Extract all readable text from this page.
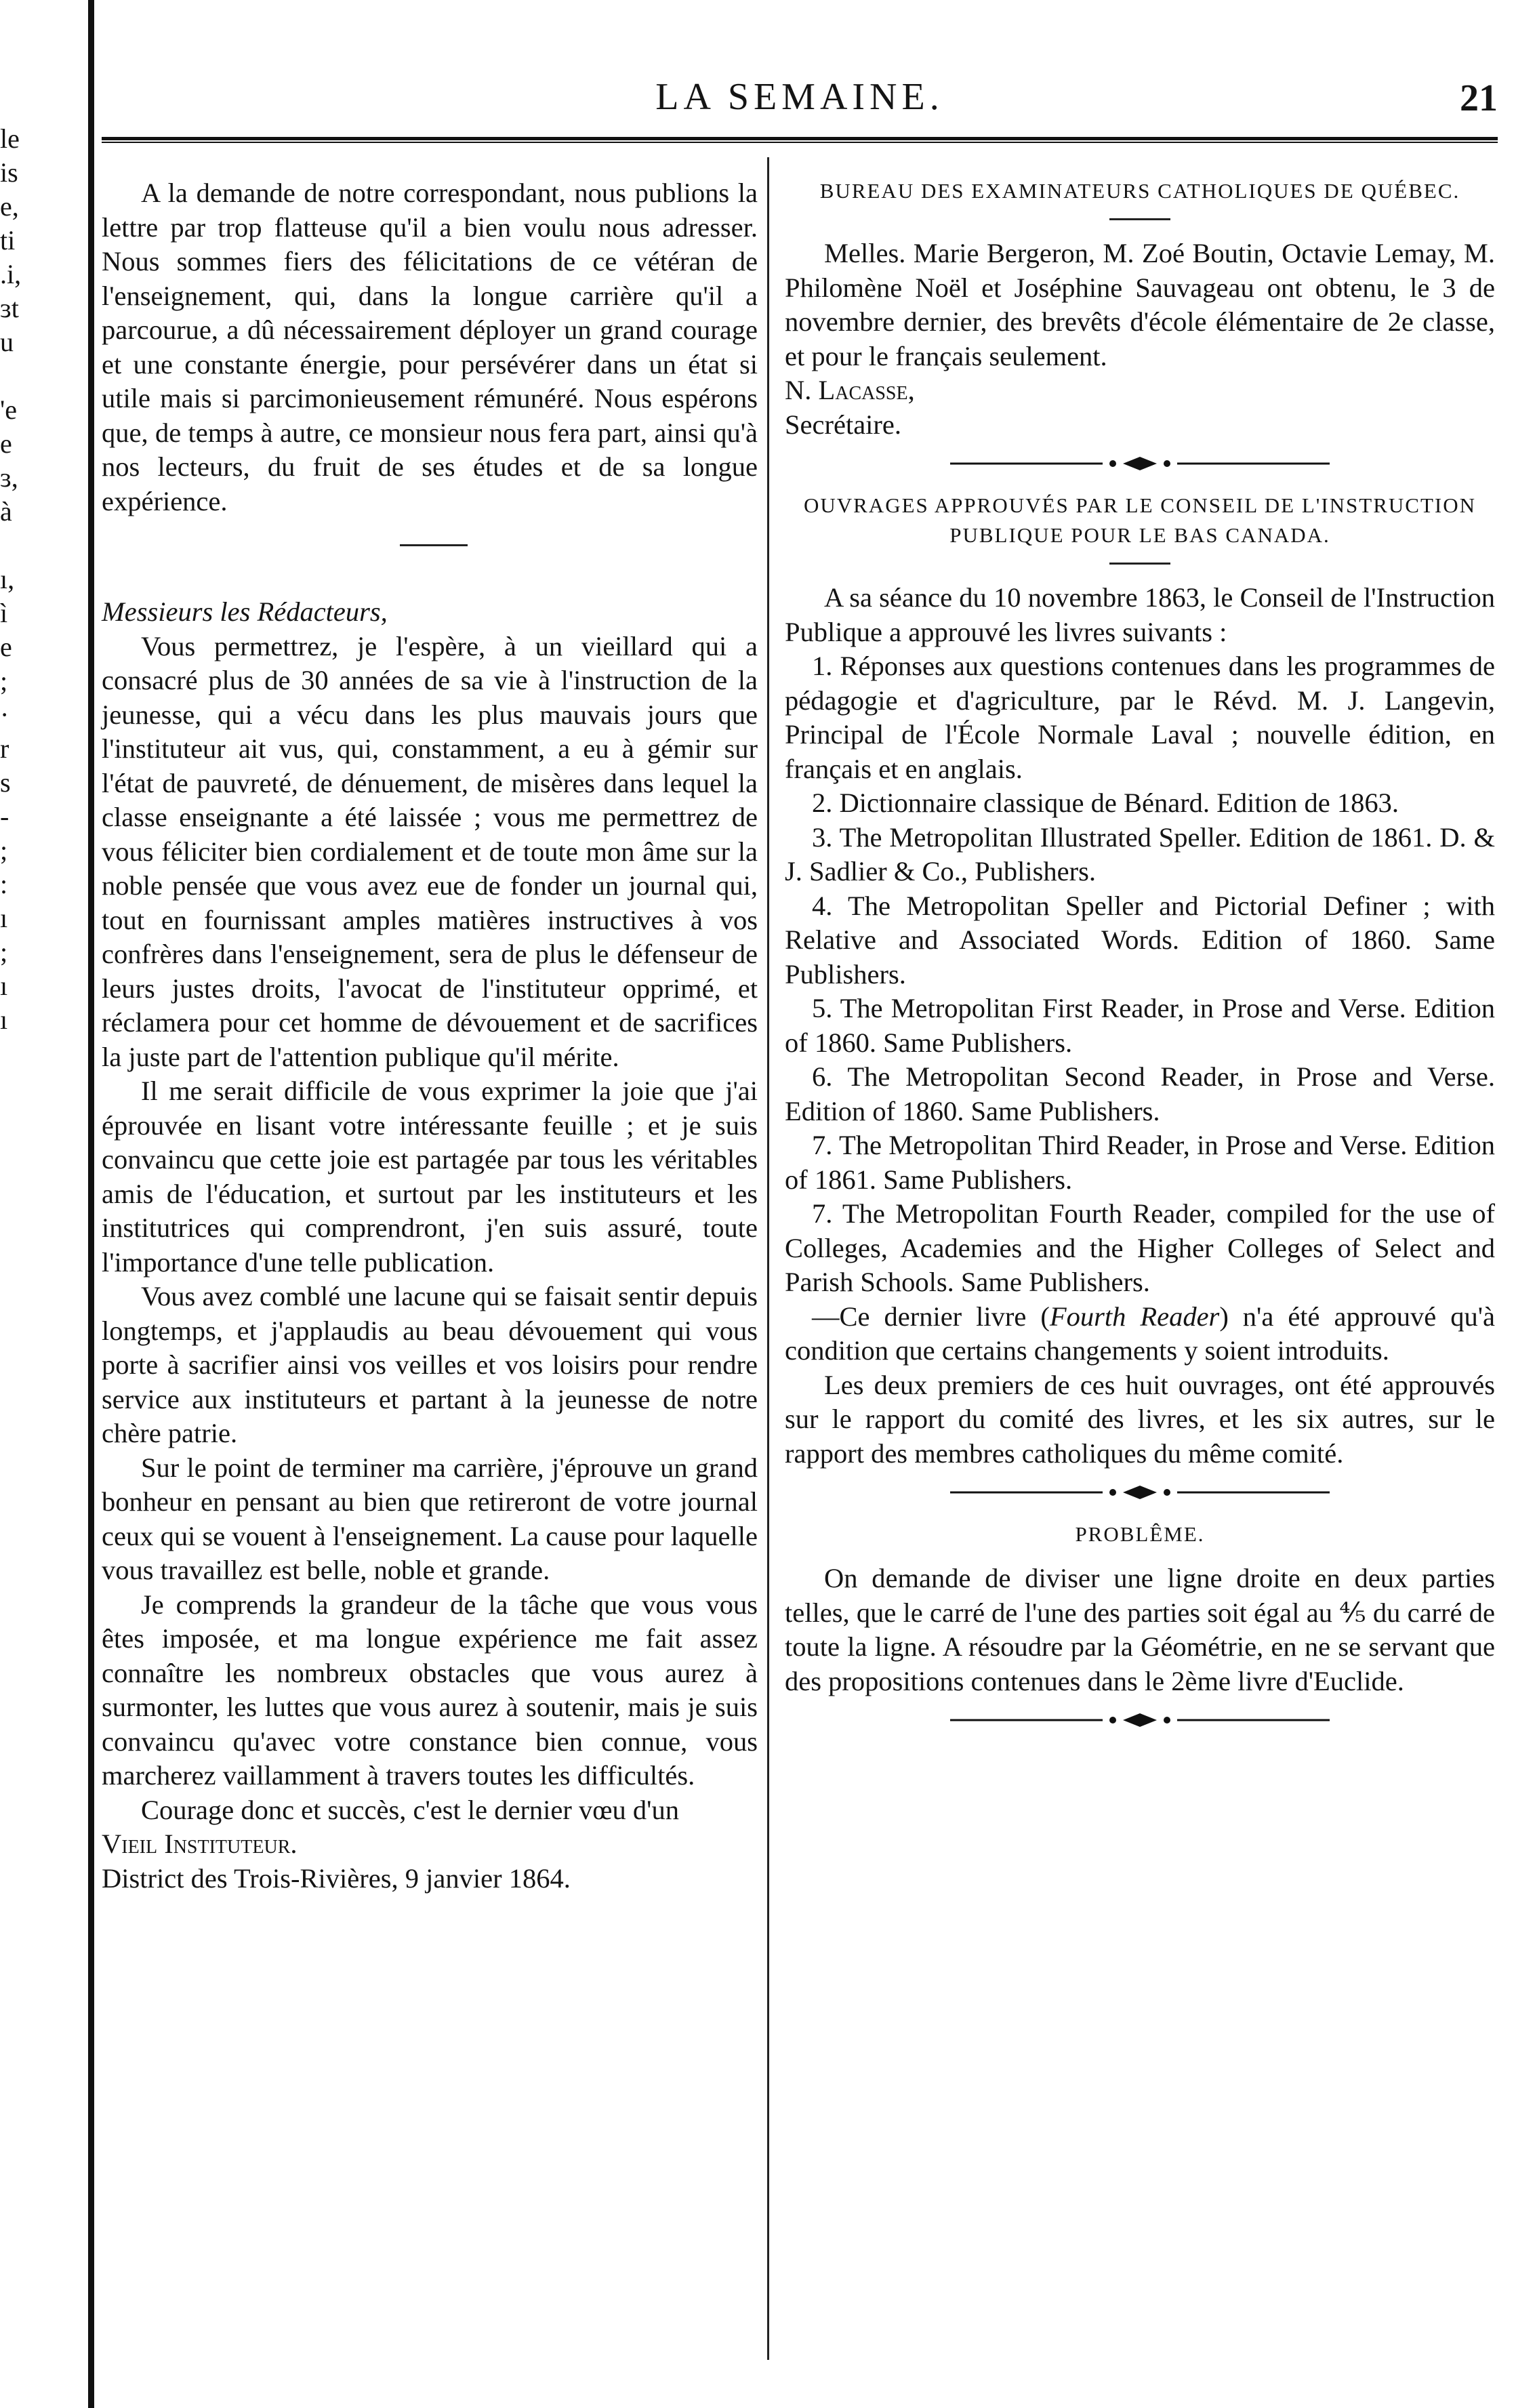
le
is
e,
ti
.i,
ɜt
u
'e
e
ɜ,
à
ı,
ì
e
;
·
r
s
-
;
:
ı
;
ı
ı
LA SEMAINE.	21

A la demande de notre correspondant, nous publions la lettre par trop flatteuse qu'il a bien voulu nous adresser. Nous sommes fiers des félicitations de ce vétéran de l'enseignement, qui, dans la longue carrière qu'il a parcourue, a dû nécessairement déployer un grand courage et une constante énergie, pour persévérer dans un état si utile mais si parcimonieusement rémunéré. Nous espérons que, de temps à autre, ce monsieur nous fera part, ainsi qu'à nos lecteurs, du fruit de ses études et de sa longue expérience.

Messieurs les Rédacteurs,

Vous permettrez, je l'espère, à un vieillard qui a consacré plus de 30 années de sa vie à l'instruction de la jeunesse, qui a vécu dans les plus mauvais jours que l'instituteur ait vus, qui, constamment, a eu à gémir sur l'état de pauvreté, de dénuement, de misères dans lequel la classe enseignante a été laissée ; vous me permettrez de vous féliciter bien cordialement et de toute mon âme sur la noble pensée que vous avez eue de fonder un journal qui, tout en fournissant amples matières instructives à vos confrères dans l'enseignement, sera de plus le défenseur de leurs justes droits, l'avocat de l'instituteur opprimé, et réclamera pour cet homme de dévouement et de sacrifices la juste part de l'attention publique qu'il mérite.

Il me serait difficile de vous exprimer la joie que j'ai éprouvée en lisant votre intéressante feuille ; et je suis convaincu que cette joie est partagée par tous les véritables amis de l'éducation, et surtout par les instituteurs et les institutrices qui comprendront, j'en suis assuré, toute l'importance d'une telle publication.

Vous avez comblé une lacune qui se faisait sentir depuis longtemps, et j'applaudis au beau dévouement qui vous porte à sacrifier ainsi vos veilles et vos loisirs pour rendre service aux instituteurs et partant à la jeunesse de notre chère patrie.

Sur le point de terminer ma carrière, j'éprouve un grand bonheur en pensant au bien que retireront de votre journal ceux qui se vouent à l'enseignement. La cause pour laquelle vous travaillez est belle, noble et grande.

Je comprends la grandeur de la tâche que vous vous êtes imposée, et ma longue expérience me fait assez connaître les nombreux obstacles que vous aurez à surmonter, les luttes que vous aurez à soutenir, mais je suis convaincu qu'avec votre constance bien connue, vous marcherez vaillamment à travers toutes les difficultés.

Courage donc et succès, c'est le dernier vœu d'un

Vieil Instituteur.

District des Trois-Rivières, 9 janvier 1864.

BUREAU DES EXAMINATEURS CATHOLIQUES DE QUÉBEC.

Melles. Marie Bergeron, M. Zoé Boutin, Octavie Lemay, M. Philomène Noël et Joséphine Sauvageau ont obtenu, le 3 de novembre dernier, des brevêts d'école élémentaire de 2e classe, et pour le français seulement.

N. Lacasse,

Secrétaire.

OUVRAGES APPROUVÉS PAR LE CONSEIL DE L'INSTRUCTION PUBLIQUE POUR LE BAS CANADA.

A sa séance du 10 novembre 1863, le Conseil de l'Instruction Publique a approuvé les livres suivants :

1. Réponses aux questions contenues dans les programmes de pédagogie et d'agriculture, par le Révd. M. J. Langevin, Principal de l'École Normale Laval ; nouvelle édition, en français et en anglais.

2. Dictionnaire classique de Bénard. Edition de 1863.

3. The Metropolitan Illustrated Speller. Edition de 1861. D. & J. Sadlier & Co., Publishers.

4. The Metropolitan Speller and Pictorial Definer ; with Relative and Associated Words. Edition of 1860. Same Publishers.

5. The Metropolitan First Reader, in Prose and Verse. Edition of 1860. Same Publishers.

6. The Metropolitan Second Reader, in Prose and Verse. Edition of 1860. Same Publishers.

7. The Metropolitan Third Reader, in Prose and Verse. Edition of 1861. Same Publishers.

7. The Metropolitan Fourth Reader, compiled for the use of Colleges, Academies and the Higher Colleges of Select and Parish Schools. Same Publishers.

—Ce dernier livre (Fourth Reader) n'a été approuvé qu'à condition que certains changements y soient introduits.

Les deux premiers de ces huit ouvrages, ont été approuvés sur le rapport du comité des livres, et les six autres, sur le rapport des membres catholiques du même comité.

PROBLÊME.

On demande de diviser une ligne droite en deux parties telles, que le carré de l'une des parties soit égal au ⅘ du carré de toute la ligne. A résoudre par la Géométrie, en ne se servant que des propositions contenues dans le 2ème livre d'Euclide.
